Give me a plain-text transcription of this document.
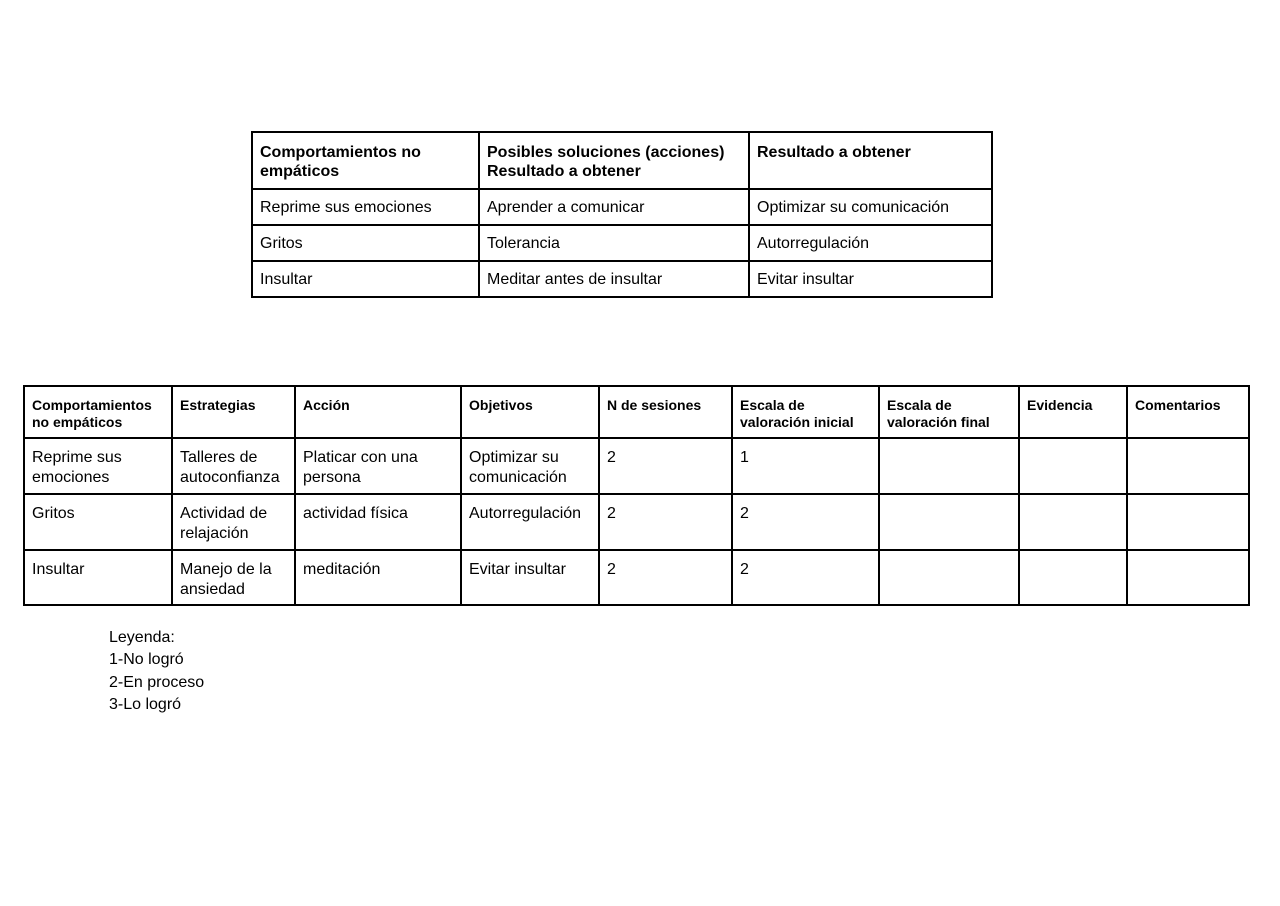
Comportamientos no empáticos	Posibles soluciones (acciones) Resultado a obtener	Resultado a obtener
Reprime sus emociones	Aprender a comunicar	Optimizar su comunicación
Gritos	Tolerancia	Autorregulación
Insultar	Meditar antes de insultar	Evitar insultar
Comportamientos no empáticos	Estrategias	Acción	Objetivos	N de sesiones	Escala de valoración inicial	Escala de valoración final	Evidencia	Comentarios
Reprime sus emociones	Talleres de autoconfianza	Platicar con una persona	Optimizar su comunicación	2	1			
Gritos	Actividad de relajación	actividad física	Autorregulación	2	2			
Insultar	Manejo de la ansiedad	meditación	Evitar insultar	2	2			
Leyenda:
1-No logró
2-En proceso
3-Lo logró
